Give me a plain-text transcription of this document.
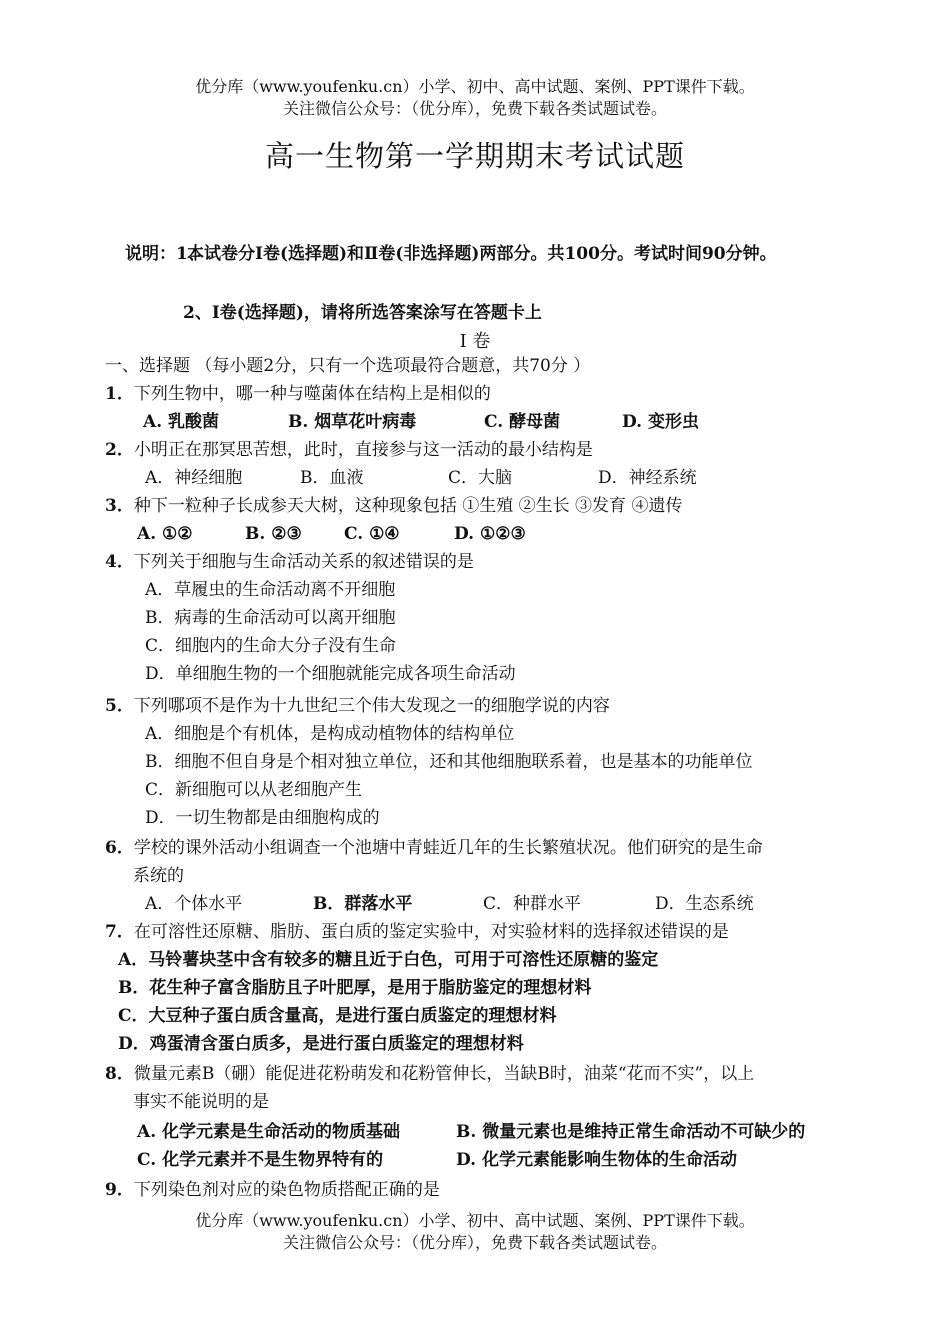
优分库（www.youfenku.cn）小学、初中、高中试题、案例、PPT课件下载。
关注微信公众号：（优分库），免费下载各类试题试卷。
高一生物第一学期期末考试试题
说明：1、
本试卷分Ⅰ卷(选择题)和Ⅱ卷(非选择题)两部分。共100分。考试时间90分钟。
2、Ⅰ卷(选择题)，请将所选答案涂写在答题卡上
Ⅰ 卷
一、选择题 （每小题2分，只有一个选项最符合题意，共70分 ）
1．下列生物中，哪一种与噬菌体在结构上是相似的
A. 乳酸菌	B. 烟草花叶病毒	C. 酵母菌	D. 变形虫
2．小明正在那冥思苦想，此时，直接参与这一活动的最小结构是
A．神经细胞	B．血液	C．大脑	D．神经系统
3．种下一粒种子长成参天大树，这种现象包括 ①生殖 ②生长 ③发育 ④遗传
A. ①②	B. ②③ C. ①④	D. ①②③
4．下列关于细胞与生命活动关系的叙述错误的是
A．草履虫的生命活动离不开细胞
B．病毒的生命活动可以离开细胞
C．细胞内的生命大分子没有生命
D．单细胞生物的一个细胞就能完成各项生命活动
5．下列哪项不是作为十九世纪三个伟大发现之一的细胞学说的内容
A．细胞是个有机体，是构成动植物体的结构单位
B．细胞不但自身是个相对独立单位，还和其他细胞联系着，也是基本的功能单位
C．新细胞可以从老细胞产生
D．一切生物都是由细胞构成的
6．学校的课外活动小组调查一个池塘中青蛙近几年的生长繁殖状况。他们研究的是生命
系统的
A．个体水平	B．群落水平	C．种群水平	D．生态系统
7．在可溶性还原糖、脂肪、蛋白质的鉴定实验中，对实验材料的选择叙述错误的是
A．马铃薯块茎中含有较多的糖且近于白色，可用于可溶性还原糖的鉴定
B．花生种子富含脂肪且子叶肥厚，是用于脂肪鉴定的理想材料
C．大豆种子蛋白质含量高，是进行蛋白质鉴定的理想材料
D．鸡蛋清含蛋白质多，是进行蛋白质鉴定的理想材料
8．微量元素B（硼）能促进花粉萌发和花粉管伸长，当缺B时，油菜“花而不实”，以上
事实不能说明的是
A. 化学元素是生命活动的物质基础	B. 微量元素也是维持正常生命活动不可缺少的
C. 化学元素并不是生物界特有的	D. 化学元素能影响生物体的生命活动
9．下列染色剂对应的染色物质搭配正确的是
优分库（www.youfenku.cn）小学、初中、高中试题、案例、PPT课件下载。
关注微信公众号：（优分库），免费下载各类试题试卷。
